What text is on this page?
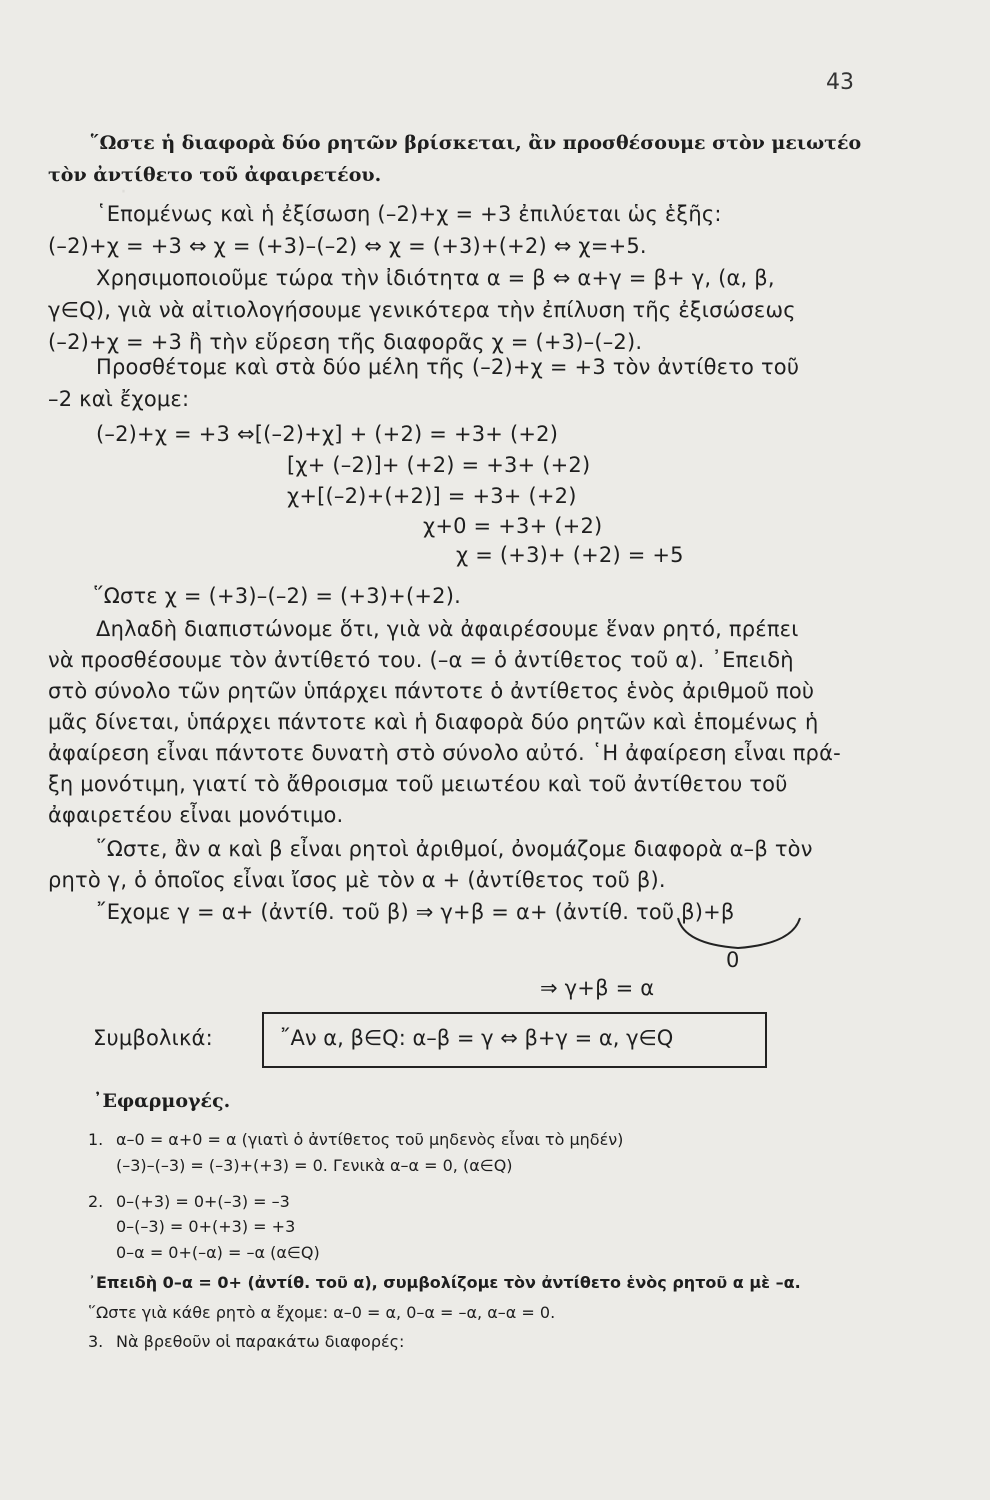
·
43
῞Ωστε ἡ διαφορὰ δύο ρητῶν βρίσκεται, ἂν προσθέσουμε στὸν μειωτέο
τὸν ἀντίθετο τοῦ ἀφαιρετέου.
῾Επομένως καὶ ἡ ἐξίσωση (–2)+χ = +3 ἐπιλύεται ὡς ἑξῆς:
(–2)+χ = +3 ⇔ χ = (+3)–(–2) ⇔ χ = (+3)+(+2) ⇔ χ=+5.
Χρησιμοποιοῦμε τώρα τὴν ἰδιότητα α = β ⇔ α+γ = β+ γ, (α, β,
γ∈Q), γιὰ νὰ αἰτιολογήσουμε γενικότερα τὴν ἐπίλυση τῆς ἐξισώσεως
(–2)+χ = +3 ἢ τὴν εὕρεση τῆς διαφορᾶς χ = (+3)–(–2).
Προσθέτομε καὶ στὰ δύο μέλη τῆς (–2)+χ = +3 τὸν ἀντίθετο τοῦ
–2 καὶ ἔχομε:
(–2)+χ = +3 ⇔[(–2)+χ] + (+2) = +3+ (+2)
[χ+ (–2)]+ (+2) = +3+ (+2)
χ+[(–2)+(+2)] = +3+ (+2)
χ+0 = +3+ (+2)
χ = (+3)+ (+2) = +5
῞Ωστε χ = (+3)–(–2) = (+3)+(+2).
Δηλαδὴ διαπιστώνομε ὅτι, γιὰ νὰ ἀφαιρέσουμε ἕναν ρητό, πρέπει
νὰ προσθέσουμε τὸν ἀντίθετό του. (–α = ὁ ἀντίθετος τοῦ α). ᾿Επειδὴ
στὸ σύνολο τῶν ρητῶν ὑπάρχει πάντοτε ὁ ἀντίθετος ἑνὸς ἀριθμοῦ ποὺ
μᾶς δίνεται, ὑπάρχει πάντοτε καὶ ἡ διαφορὰ δύο ρητῶν καὶ ἑπομένως ἡ
ἀφαίρεση εἶναι πάντοτε δυνατὴ στὸ σύνολο αὐτό. ῾Η ἀφαίρεση εἶναι πρά-
ξη μονότιμη, γιατί τὸ ἄθροισμα τοῦ μειωτέου καὶ τοῦ ἀντίθετου τοῦ
ἀφαιρετέου εἶναι μονότιμο.
῞Ωστε, ἂν α καὶ β εἶναι ρητοὶ ἀριθμοί, ὀνομάζομε διαφορὰ α–β τὸν
ρητὸ γ, ὁ ὁποῖος εἶναι ἴσος μὲ τὸν α + (ἀντίθετος τοῦ β).
῎Εχομε γ = α+ (ἀντίθ. τοῦ β) ⇒ γ+β = α+ (ἀντίθ. τοῦ β)+β
0
⇒ γ+β = α
Συμβολικά:	῎Αν α, β∈Q: α–β = γ ⇔ β+γ = α, γ∈Q
᾿Εφαρμογές.
1. α–0 = α+0 = α (γιατὶ ὁ ἀντίθετος τοῦ μηδενὸς εἶναι τὸ μηδέν)
(–3)–(–3) = (–3)+(+3) = 0. Γενικὰ α–α = 0, (α∈Q)
2. 0–(+3) = 0+(–3) = –3
0–(–3) = 0+(+3) = +3
0–α = 0+(–α) = –α (α∈Q)
᾿Επειδὴ 0–α = 0+ (ἀντίθ. τοῦ α), συμβολίζομε τὸν ἀντίθετο ἑνὸς ρητοῦ α μὲ –α.
῞Ωστε γιὰ κάθε ρητὸ α ἔχομε: α–0 = α, 0–α = –α, α–α = 0.
3. Νὰ βρεθοῦν οἱ παρακάτω διαφορές:
